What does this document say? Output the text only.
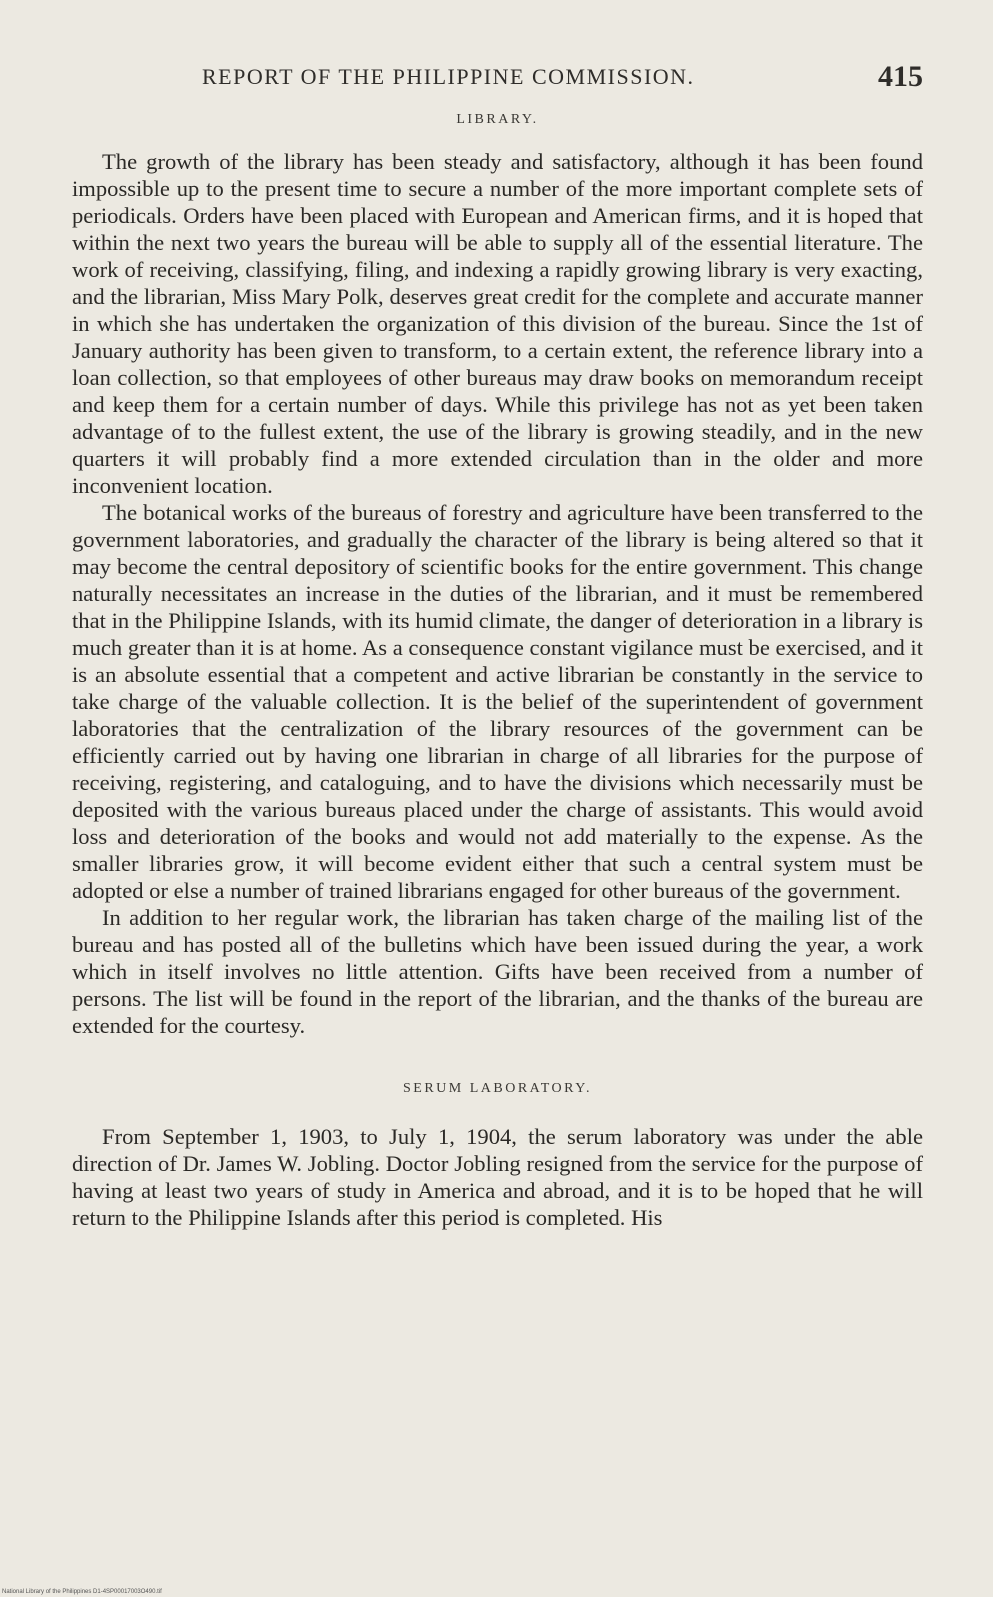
REPORT OF THE PHILIPPINE COMMISSION.	415
LIBRARY.

The growth of the library has been steady and satisfactory, although it has been found impossible up to the present time to secure a number of the more important complete sets of periodicals. Orders have been placed with European and American firms, and it is hoped that within the next two years the bureau will be able to supply all of the essential literature. The work of receiving, classifying, filing, and indexing a rapidly growing library is very exacting, and the librarian, Miss Mary Polk, deserves great credit for the complete and accurate manner in which she has undertaken the organization of this division of the bureau. Since the 1st of January authority has been given to transform, to a certain extent, the reference library into a loan collection, so that employees of other bureaus may draw books on memorandum receipt and keep them for a certain number of days. While this privilege has not as yet been taken advantage of to the fullest extent, the use of the library is growing steadily, and in the new quarters it will probably find a more extended circulation than in the older and more inconvenient location.

The botanical works of the bureaus of forestry and agriculture have been transferred to the government laboratories, and gradually the character of the library is being altered so that it may become the central depository of scientific books for the entire government. This change naturally necessitates an increase in the duties of the librarian, and it must be remembered that in the Philippine Islands, with its humid climate, the danger of deterioration in a library is much greater than it is at home. As a consequence constant vigilance must be exercised, and it is an absolute essential that a competent and active librarian be constantly in the service to take charge of the valuable collection. It is the belief of the superintendent of government laboratories that the centralization of the library resources of the government can be efficiently carried out by having one librarian in charge of all libraries for the purpose of receiving, registering, and cataloguing, and to have the divisions which necessarily must be deposited with the various bureaus placed under the charge of assistants. This would avoid loss and deterioration of the books and would not add materially to the expense. As the smaller libraries grow, it will become evident either that such a central system must be adopted or else a number of trained librarians engaged for other bureaus of the government.

In addition to her regular work, the librarian has taken charge of the mailing list of the bureau and has posted all of the bulletins which have been issued during the year, a work which in itself involves no little attention. Gifts have been received from a number of persons. The list will be found in the report of the librarian, and the thanks of the bureau are extended for the courtesy.

SERUM LABORATORY.

From September 1, 1903, to July 1, 1904, the serum laboratory was under the able direction of Dr. James W. Jobling. Doctor Jobling resigned from the service for the purpose of having at least two years of study in America and abroad, and it is to be hoped that he will return to the Philippine Islands after this period is completed. His

National Library of the Philippines D1-4SP00017003O490.tif
